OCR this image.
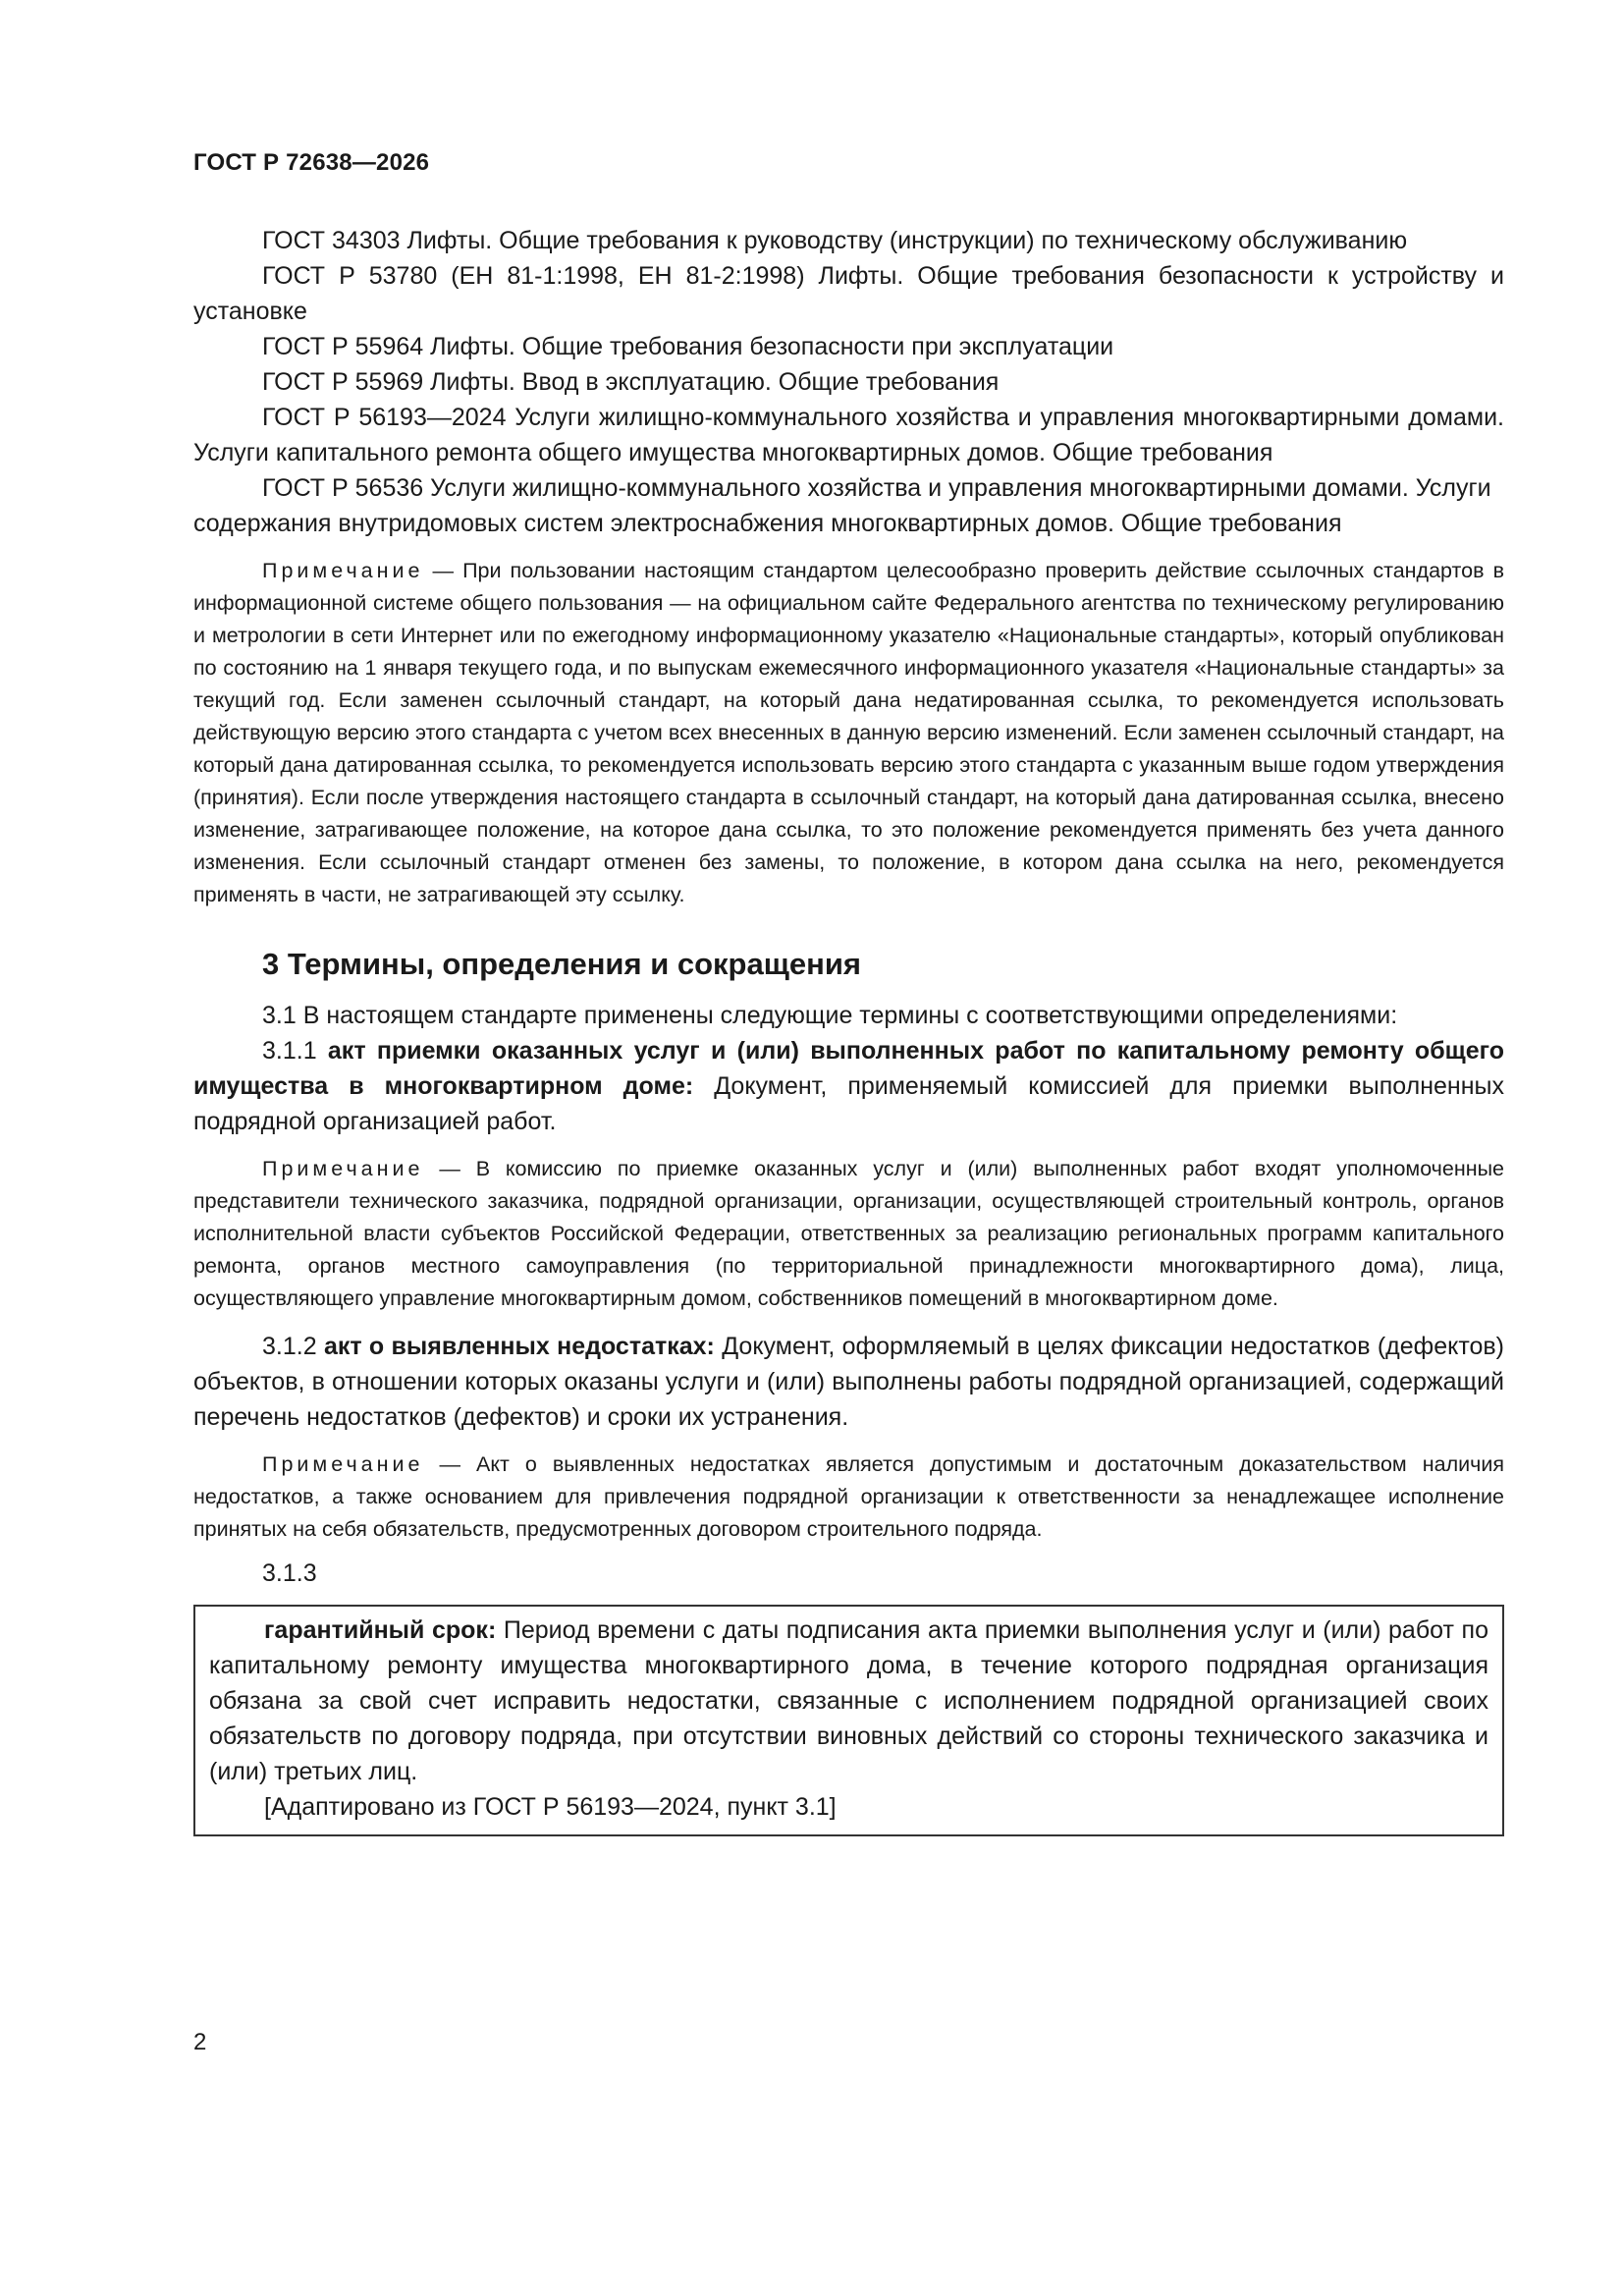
ГОСТ Р 72638—2026

ГОСТ 34303 Лифты. Общие требования к руководству (инструкции) по техническому обслуживанию

ГОСТ Р 53780 (ЕН 81-1:1998, ЕН 81-2:1998) Лифты. Общие требования безопасности к устройству и установке

ГОСТ Р 55964 Лифты. Общие требования безопасности при эксплуатации

ГОСТ Р 55969 Лифты. Ввод в эксплуатацию. Общие требования

ГОСТ Р 56193—2024 Услуги жилищно-коммунального хозяйства и управления многоквартирными домами. Услуги капитального ремонта общего имущества многоквартирных домов. Общие требования

ГОСТ Р 56536 Услуги жилищно-коммунального хозяйства и управления многоквартирными домами. Услуги содержания внутридомовых систем электроснабжения многоквартирных домов. Общие требования

Примечание — При пользовании настоящим стандартом целесообразно проверить действие ссылочных стандартов в информационной системе общего пользования — на официальном сайте Федерального агентства по техническому регулированию и метрологии в сети Интернет или по ежегодному информационному указателю «Национальные стандарты», который опубликован по состоянию на 1 января текущего года, и по выпускам ежемесячного информационного указателя «Национальные стандарты» за текущий год. Если заменен ссылочный стандарт, на который дана недатированная ссылка, то рекомендуется использовать действующую версию этого стандарта с учетом всех внесенных в данную версию изменений. Если заменен ссылочный стандарт, на который дана датированная ссылка, то рекомендуется использовать версию этого стандарта с указанным выше годом утверждения (принятия). Если после утверждения настоящего стандарта в ссылочный стандарт, на который дана датированная ссылка, внесено изменение, затрагивающее положение, на которое дана ссылка, то это положение рекомендуется применять без учета данного изменения. Если ссылочный стандарт отменен без замены, то положение, в котором дана ссылка на него, рекомендуется применять в части, не затрагивающей эту ссылку.

3 Термины, определения и сокращения

3.1 В настоящем стандарте применены следующие термины с соответствующими определениями:

3.1.1 акт приемки оказанных услуг и (или) выполненных работ по капитальному ремонту общего имущества в многоквартирном доме: Документ, применяемый комиссией для приемки выполненных подрядной организацией работ.

Примечание — В комиссию по приемке оказанных услуг и (или) выполненных работ входят уполномоченные представители технического заказчика, подрядной организации, организации, осуществляющей строительный контроль, органов исполнительной власти субъектов Российской Федерации, ответственных за реализацию региональных программ капитального ремонта, органов местного самоуправления (по территориальной принадлежности многоквартирного дома), лица, осуществляющего управление многоквартирным домом, собственников помещений в многоквартирном доме.

3.1.2 акт о выявленных недостатках: Документ, оформляемый в целях фиксации недостатков (дефектов) объектов, в отношении которых оказаны услуги и (или) выполнены работы подрядной организацией, содержащий перечень недостатков (дефектов) и сроки их устранения.

Примечание — Акт о выявленных недостатках является допустимым и достаточным доказательством наличия недостатков, а также основанием для привлечения подрядной организации к ответственности за ненадлежащее исполнение принятых на себя обязательств, предусмотренных договором строительного подряда.

3.1.3

гарантийный срок: Период времени с даты подписания акта приемки выполнения услуг и (или) работ по капитальному ремонту имущества многоквартирного дома, в течение которого подрядная организация обязана за свой счет исправить недостатки, связанные с исполнением подрядной организацией своих обязательств по договору подряда, при отсутствии виновных действий со стороны технического заказчика и (или) третьих лиц.

[Адаптировано из ГОСТ Р 56193—2024, пункт 3.1]

2
